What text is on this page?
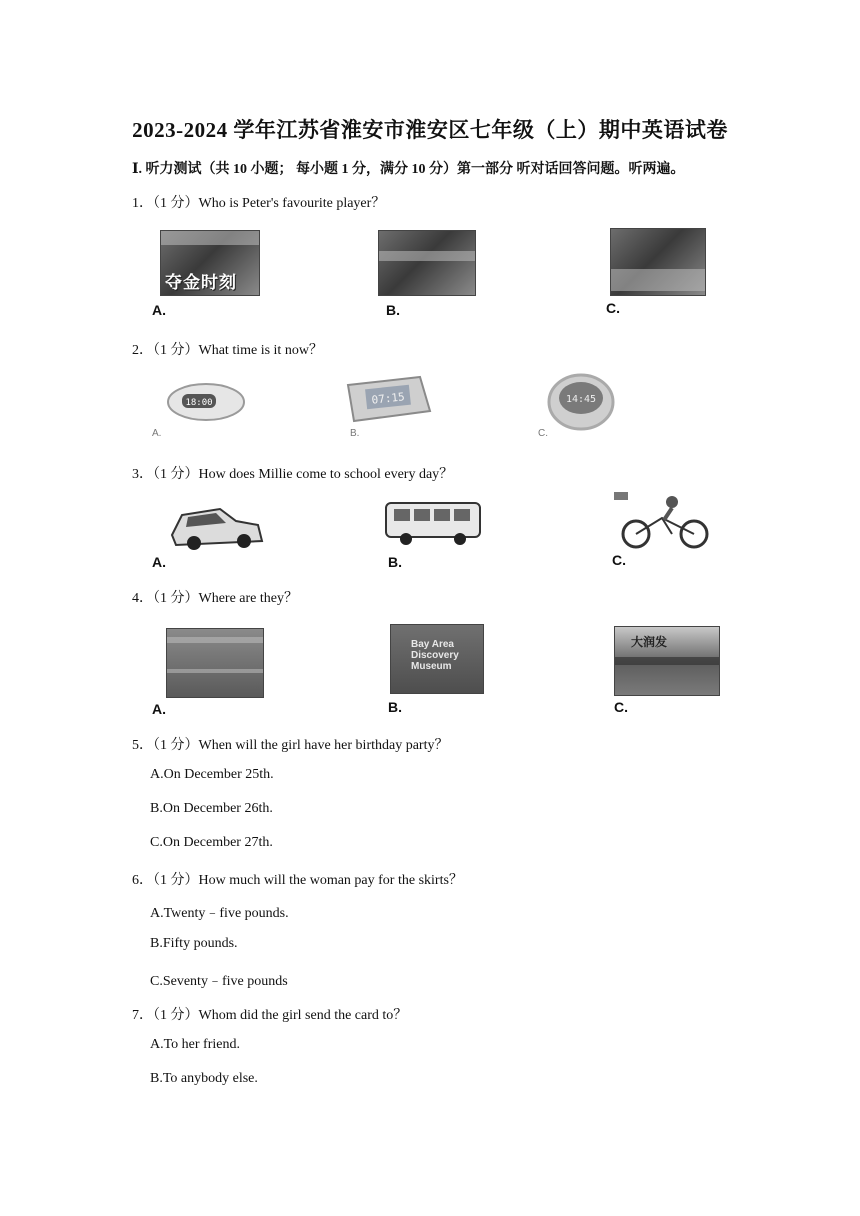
2023-2024 学年江苏省淮安市淮安区七年级（上）期中英语试卷
Ⅰ. 听力测试（共 10 小题； 每小题 1 分，满分 10 分）第一部分 听对话回答问题。听两遍。
1．（1 分）Who is Peter's favourite player？
夺金时刻
A.	B.	C.
2．（1 分）What time is it now？
18:00
A.
07:15
B.
14:45
C.
3．（1 分）How does Millie come to school every day？
A.	B.	C.
4．（1 分）Where are they？
A.
Bay Area
Discovery
Museum
B.
大润发
C.
5．（1 分）When will the girl have her birthday party？
A.On December 25th.
B.On December 26th.
C.On December 27th.
6．（1 分）How much will the woman pay for the skirts？
A.Twenty﹣five pounds.
B.Fifty pounds.
C.Seventy﹣five pounds
7．（1 分）Whom did the girl send the card to？
A.To her friend.
B.To anybody else.
